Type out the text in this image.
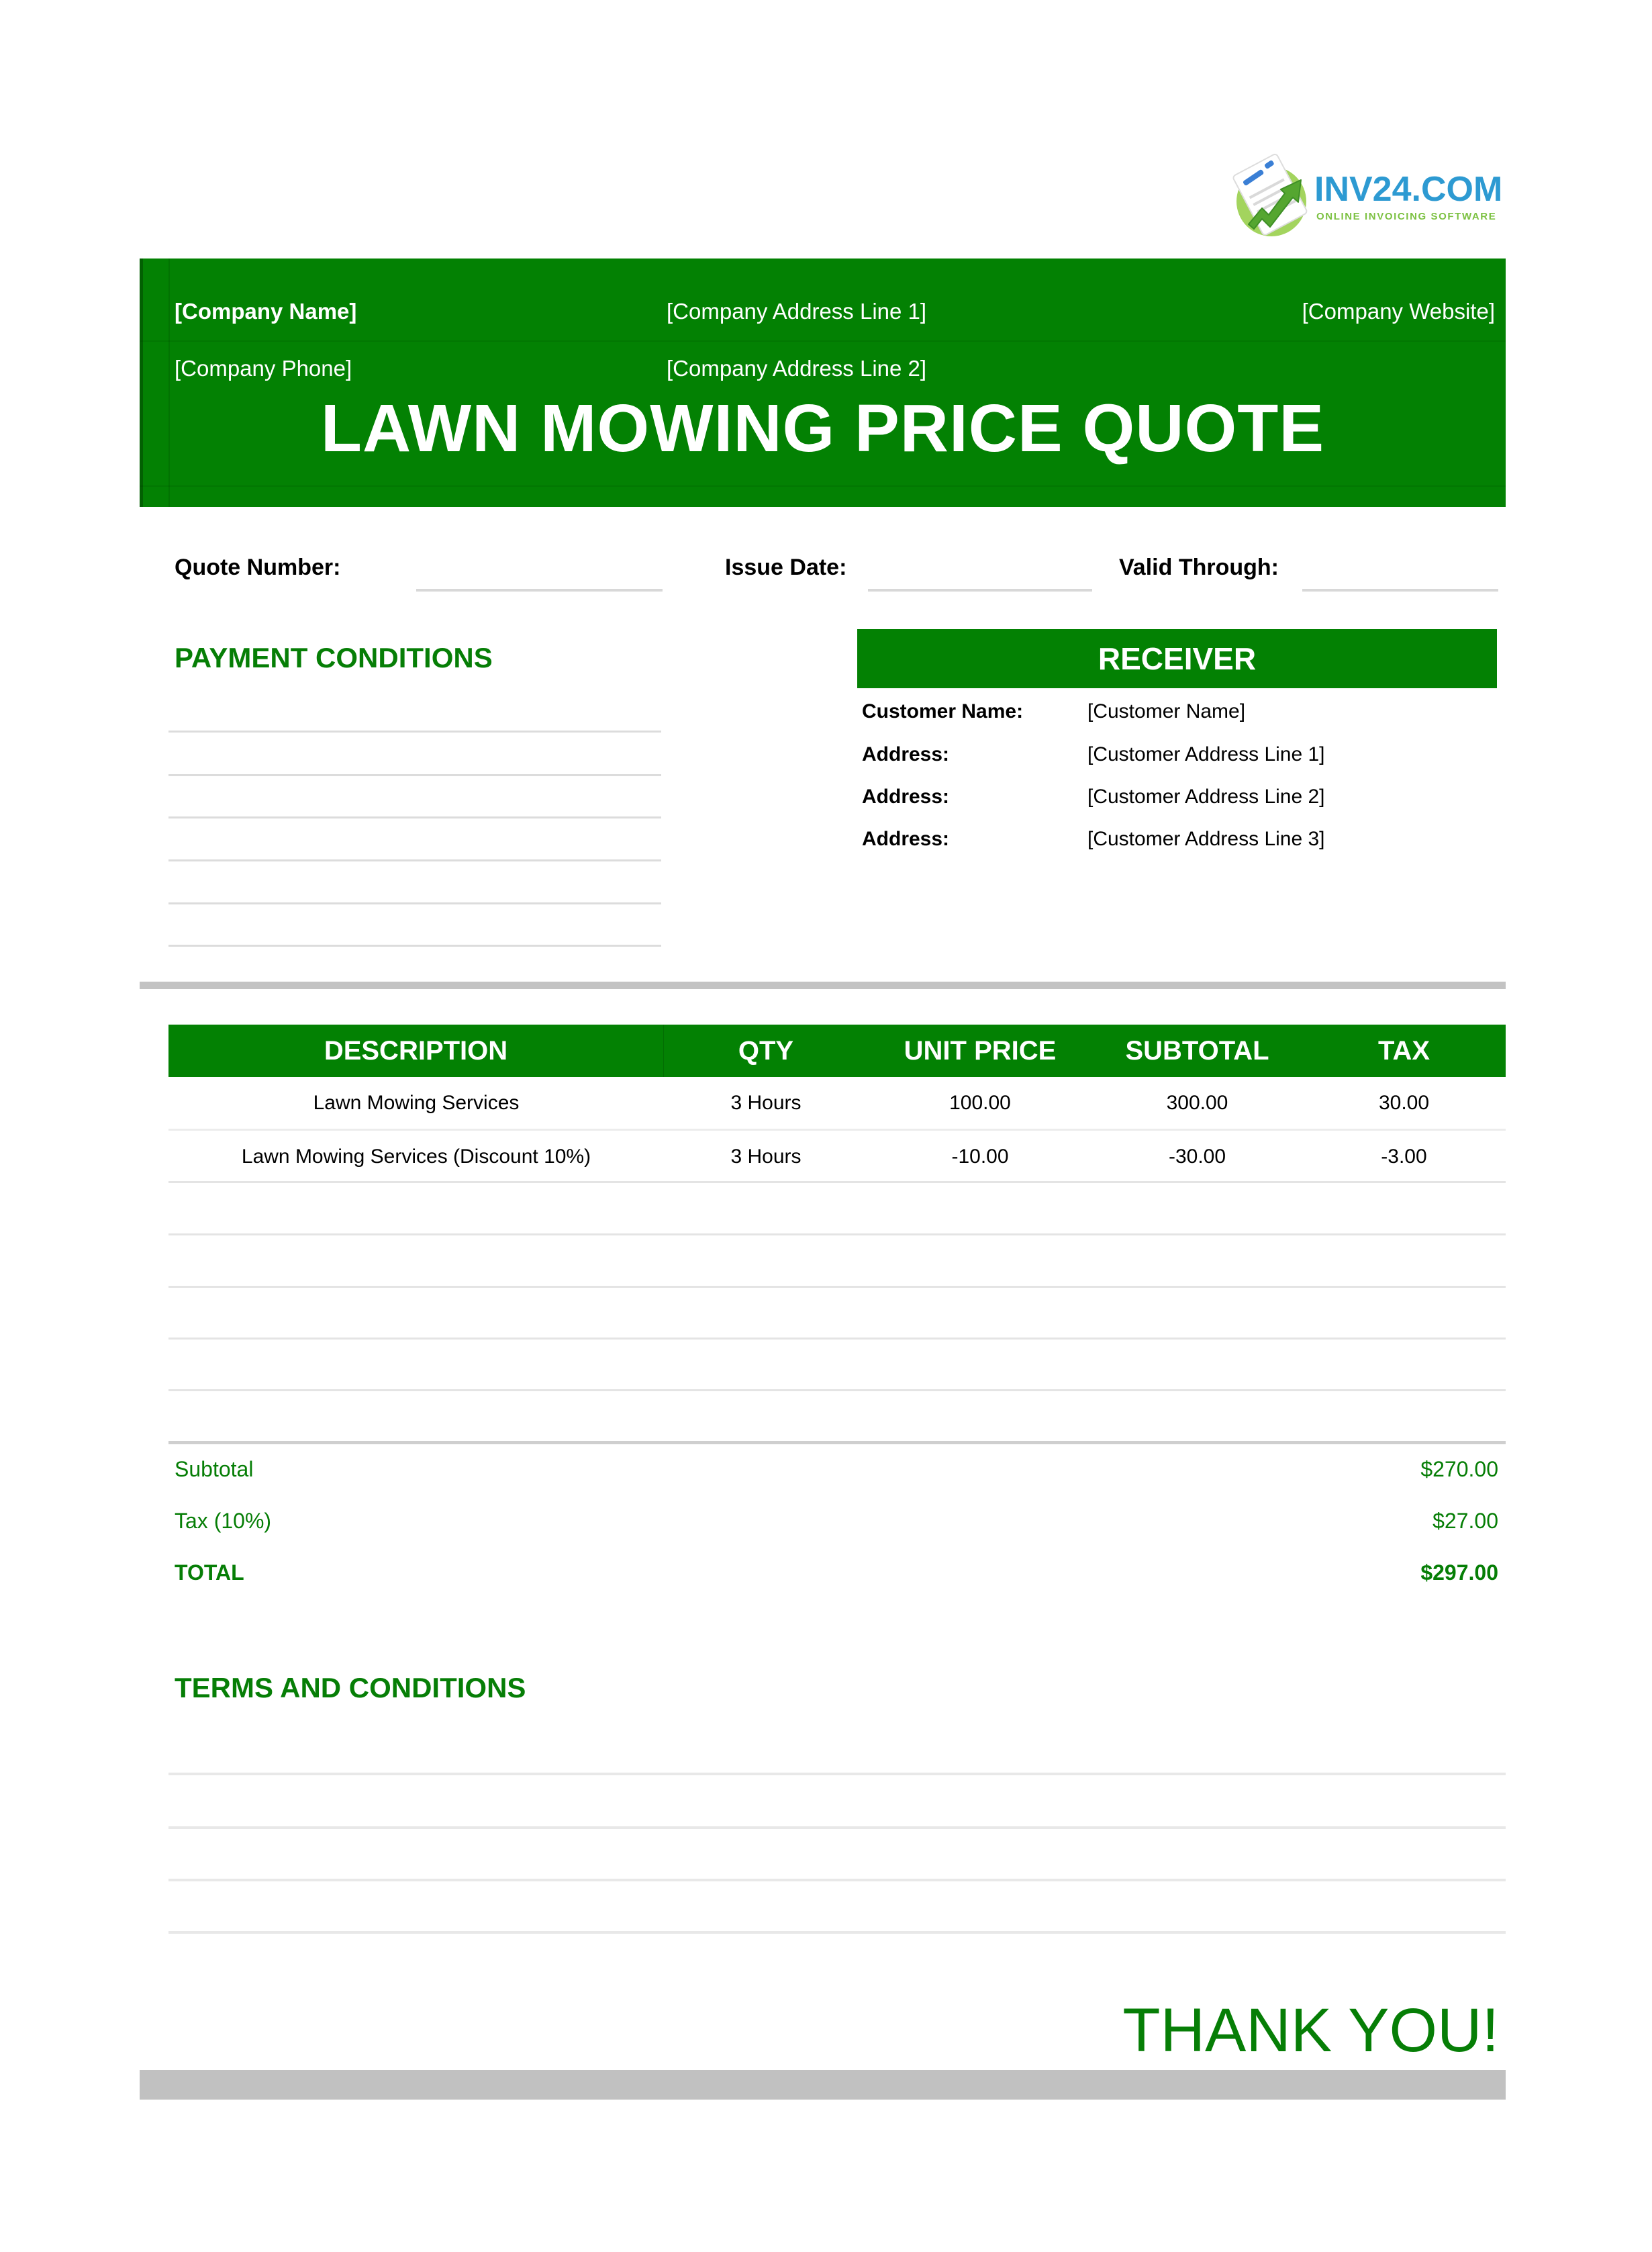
INV24.COM
ONLINE INVOICING SOFTWARE
[Company Name]
[Company Phone]
[Company Address Line 1]
[Company Address Line 2]
[Company Website]
LAWN MOWING PRICE QUOTE
Quote Number:	Issue Date:	Valid Through:
PAYMENT CONDITIONS	RECEIVER
Customer Name:	[Customer Name]
Address:	[Customer Address Line 1]
Address:	[Customer Address Line 2]
Address:	[Customer Address Line 3]
DESCRIPTION	QTY	UNIT PRICE	SUBTOTAL	TAX
Lawn Mowing Services	3 Hours	100.00	300.00	30.00
Lawn Mowing Services (Discount 10%)	3 Hours	-10.00	-30.00	-3.00
Subtotal	$270.00
Tax (10%)	$27.00
TOTAL	$297.00
TERMS AND CONDITIONS
THANK YOU!
